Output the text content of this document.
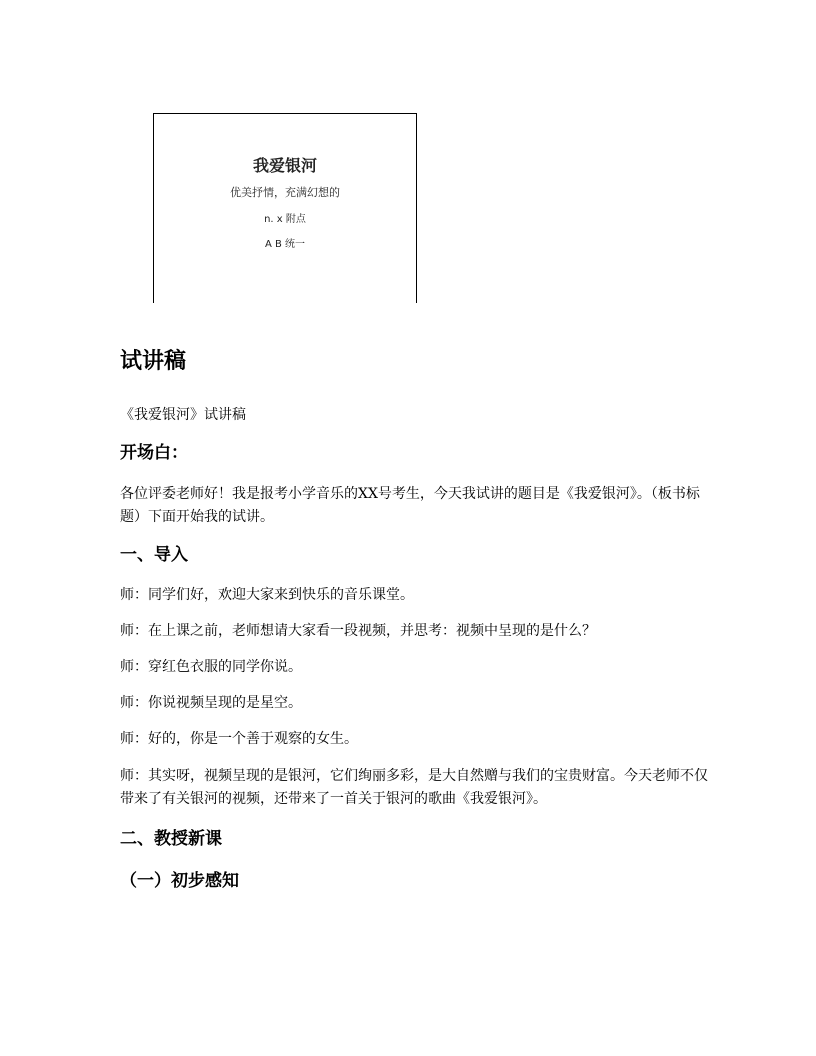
我爱银河
优美抒情，充满幻想的
n. x 附点
A B 统一
试讲稿

《我爱银河》试讲稿

开场白：

各位评委老师好！我是报考小学音乐的XX号考生，今天我试讲的题目是《我爱银河》。（板书标题）下面开始我的试讲。

一、导入

师：同学们好，欢迎大家来到快乐的音乐课堂。

师：在上课之前，老师想请大家看一段视频，并思考：视频中呈现的是什么？

师：穿红色衣服的同学你说。

师：你说视频呈现的是星空。

师：好的，你是一个善于观察的女生。

师：其实呀，视频呈现的是银河，它们绚丽多彩，是大自然赠与我们的宝贵财富。今天老师不仅带来了有关银河的视频，还带来了一首关于银河的歌曲《我爱银河》。

二、教授新课
（一）初步感知
